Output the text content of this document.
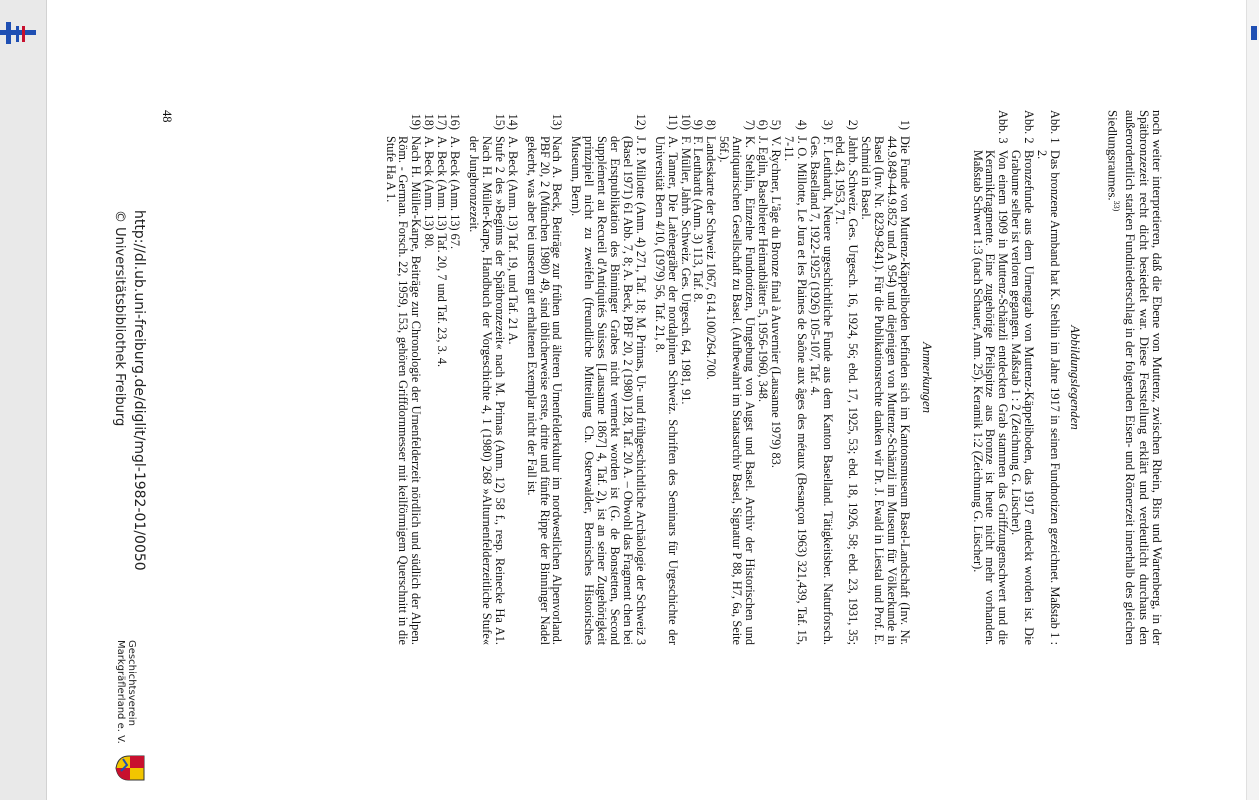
noch weiter interpretieren, daß die Ebene von Muttenz, zwischen Rhein, Birs und Wartenberg, in der Spätbronzezeit recht dicht besiedelt war. Diese Feststellung erklärt und verdeutlicht durchaus den außerordentlich starken Fundniederschlag in der folgenden Eisen- und Römerzeit innerhalb des gleichen Siedlungsraumes.$^{33)}$

Abbildungslegenden
Abb. 1
Das bronzene Armband hat K. Stehlin im Jahre 1917 in seinen Fundnotizen gezeichnet. Maßstab 1 : 2.
Abb. 2
Bronzefunde aus dem Urnengrab von Muttenz-Käppeliboden, das 1917 entdeckt worden ist. Die Grabume selber ist verloren gegangen. Maßstab 1 : 2 (Zeichnung G. Lüscher).
Abb. 3
Von einem 1909 in Muttenz-Schänzli entdeckten Grab stammen das Griffzungenschwert und die Keramikfragmente. Eine zugehörige Pfeilspitze aus Bronze ist heute nicht mehr vorhanden. Maßstab Schwert 1:3 (nach Schauer, Anm. 25). Keramik 1:2 (Zeichnung G. Lüscher).
Anmerkungen
1)
Die Funde von Muttenz-Käppeliboden befinden sich im Kantonsmuseum Basel-Landschaft (Inv. Nr. 44.9.849-44.9.852 und A 954) und diejenigen von Muttenz-Schänzli im Museum für Völkerkunde in Basel (Inv. Nr. 8239-8241). Für die Publikationsrechte danken wir Dr. J. Ewald in Liestal und Prof. E. Schmid in Basel.
2)
Jahrb. Schweiz. Ges. Urgesch. 16, 1924, 56; ebd. 17, 1925, 53; ebd. 18, 1926, 58; ebd. 23, 1931, 35; ebd. 43, 1953, 71.
3)
F. Leuthardt, Neuere urgeschichtliche Funde aus dem Kanton Baselland. Tätigkeitsber. Naturforsch. Ges. Baselland 7, 1922-1925 (1926) 105-107, Taf. 4.
4)
J. O. Millotte, Le Jura et les Plaines de Saône aux âges des métaux (Besançon 1963) 321,439, Taf. 15, 7-11.
5)
V. Rychner, L'âge du Bronze final à Auvernier (Lausanne 1979) 83.
6)
J. Eglin, Baselbieter Heimatblätter 5, 1956-1960, 348.
7)
K. Stehlin, Einzelne Fundnotizen, Umgebung von Augst und Basel. Archiv der Historischen und Antiquarischen Gesellschaft zu Basel. (Aufbewahrt im Staatsarchiv Basel, Signatur P 88, H7, 6a, Seite 56f.).
8)
Landeskarte der Schweiz 1067, 614.100/264.700.
9)
F. Leuthardt (Anm. 3) 113, Taf. 8.
10)
F. Müller, Jahrb. Schweiz. Ges. Urgesch. 64, 1981, 91.
11)
A. Tanner, Die Latènegräber der nordalpinen Schweiz. Schriften des Seminars für Urgeschichte der Universität Bern 4/10, (1979) 56, Taf. 21, 8.
12)
J. P. Millotte (Anm. 4) 271, Taf. 18; M. Primas, Ur- und frühgeschichtliche Archäologie der Schweiz 3 (Basel 1971) 61 Abb. 7, 8; A. Beck, PBF 20, 2 (1980) 128, Taf. 20 A. – Obwohl das Fragment chen bei der Erstpublikation des Binninger Grabes nicht vermerkt worden ist (G. de Bonstetten, Second Supplément au Recueil d'Antiquités Suisses [Lausanne 1867] 4, Taf. 2), ist an seiner Zugehörigkeit prinzipiell nicht zu zweifeln (freundliche Mitteilung Ch. Osterwalder, Bernisches Historisches Museum, Bern).
13)
Nach A. Beck, Beiträge zur frühen und älteren Urnenfelderkultur im nordwestlichen Alpenvorland. PBF 20, 2 (München 1980) 49, sind üblicherweise erste, dritte und fünfte Rippe der Binninger Nadel gekerbt, was aber bei unserem gut erhaltenen Exemplar nicht der Fall ist.
14)
A. Beck (Anm. 13) Taf. 19, und Taf. 21 A.
15)
Stufe 2 des »Beginns der Spätbronzezeit« nach M. Primas (Anm. 12) 58 f., resp. Reinecke Ha A1. Nach H. Müller-Karpe, Handbuch der Vorgeschichte 4, 1 (1980) 268 »Alturnenfelderzeitliche Stufe« der Jungbronzezeit.
16)
A. Beck (Anm. 13) 67.
17)
A. Beck (Anm. 13) Taf. 20, 7 und Taf. 23, 3. 4.
18)
A. Beck (Anm. 13) 80.
19)
Nach H. Müller-Karpe, Beiträge zur Chronologie der Urnenfelderzeit nördlich und südlich der Alpen. Röm. - German. Forsch. 22, 1959, 153, gehören Griffdornmesser mit keilförmigem Querschnitt in die Stufe Ha A 1.
48
http://dl.ub.uni-freiburg.de/diglit/mgl-1982-01/0050
© Universitätsbibliothek Freiburg
Geschichtsverein
Markgräflerland e. V.
